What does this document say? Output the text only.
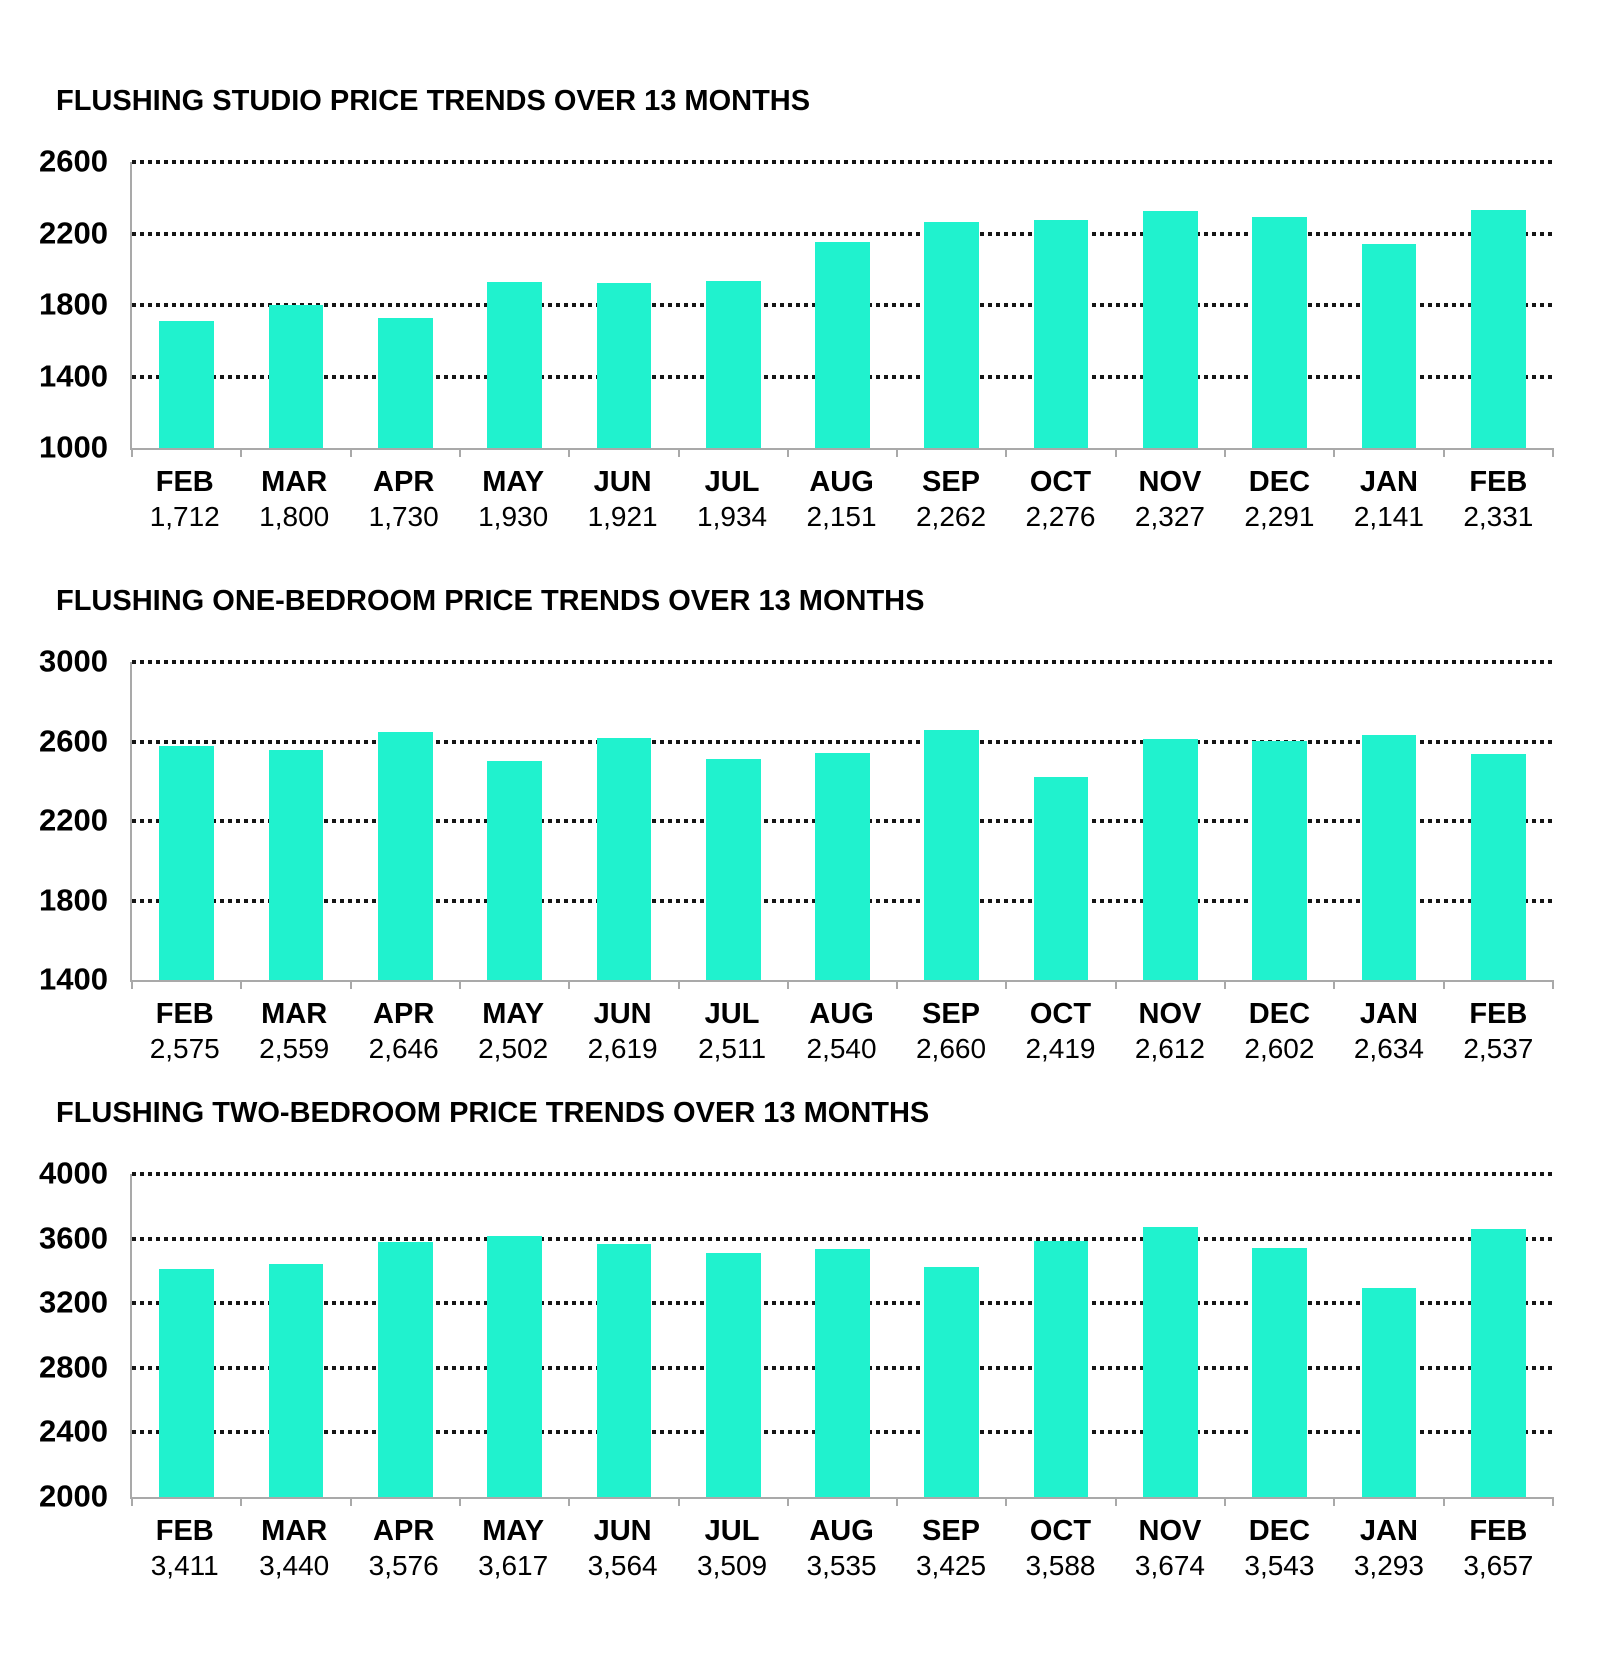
FLUSHING STUDIO PRICE TRENDS OVER 13 MONTHS
2600
2200
1800
1400
1000
FEB
1,712
MAR
1,800
APR
1,730
MAY
1,930
JUN
1,921
JUL
1,934
AUG
2,151
SEP
2,262
OCT
2,276
NOV
2,327
DEC
2,291
JAN
2,141
FEB
2,331
FLUSHING ONE-BEDROOM PRICE TRENDS OVER 13 MONTHS
3000
2600
2200
1800
1400
FEB
2,575
MAR
2,559
APR
2,646
MAY
2,502
JUN
2,619
JUL
2,511
AUG
2,540
SEP
2,660
OCT
2,419
NOV
2,612
DEC
2,602
JAN
2,634
FEB
2,537
FLUSHING TWO-BEDROOM PRICE TRENDS OVER 13 MONTHS
4000
3600
3200
2800
2400
2000
FEB
3,411
MAR
3,440
APR
3,576
MAY
3,617
JUN
3,564
JUL
3,509
AUG
3,535
SEP
3,425
OCT
3,588
NOV
3,674
DEC
3,543
JAN
3,293
FEB
3,657
